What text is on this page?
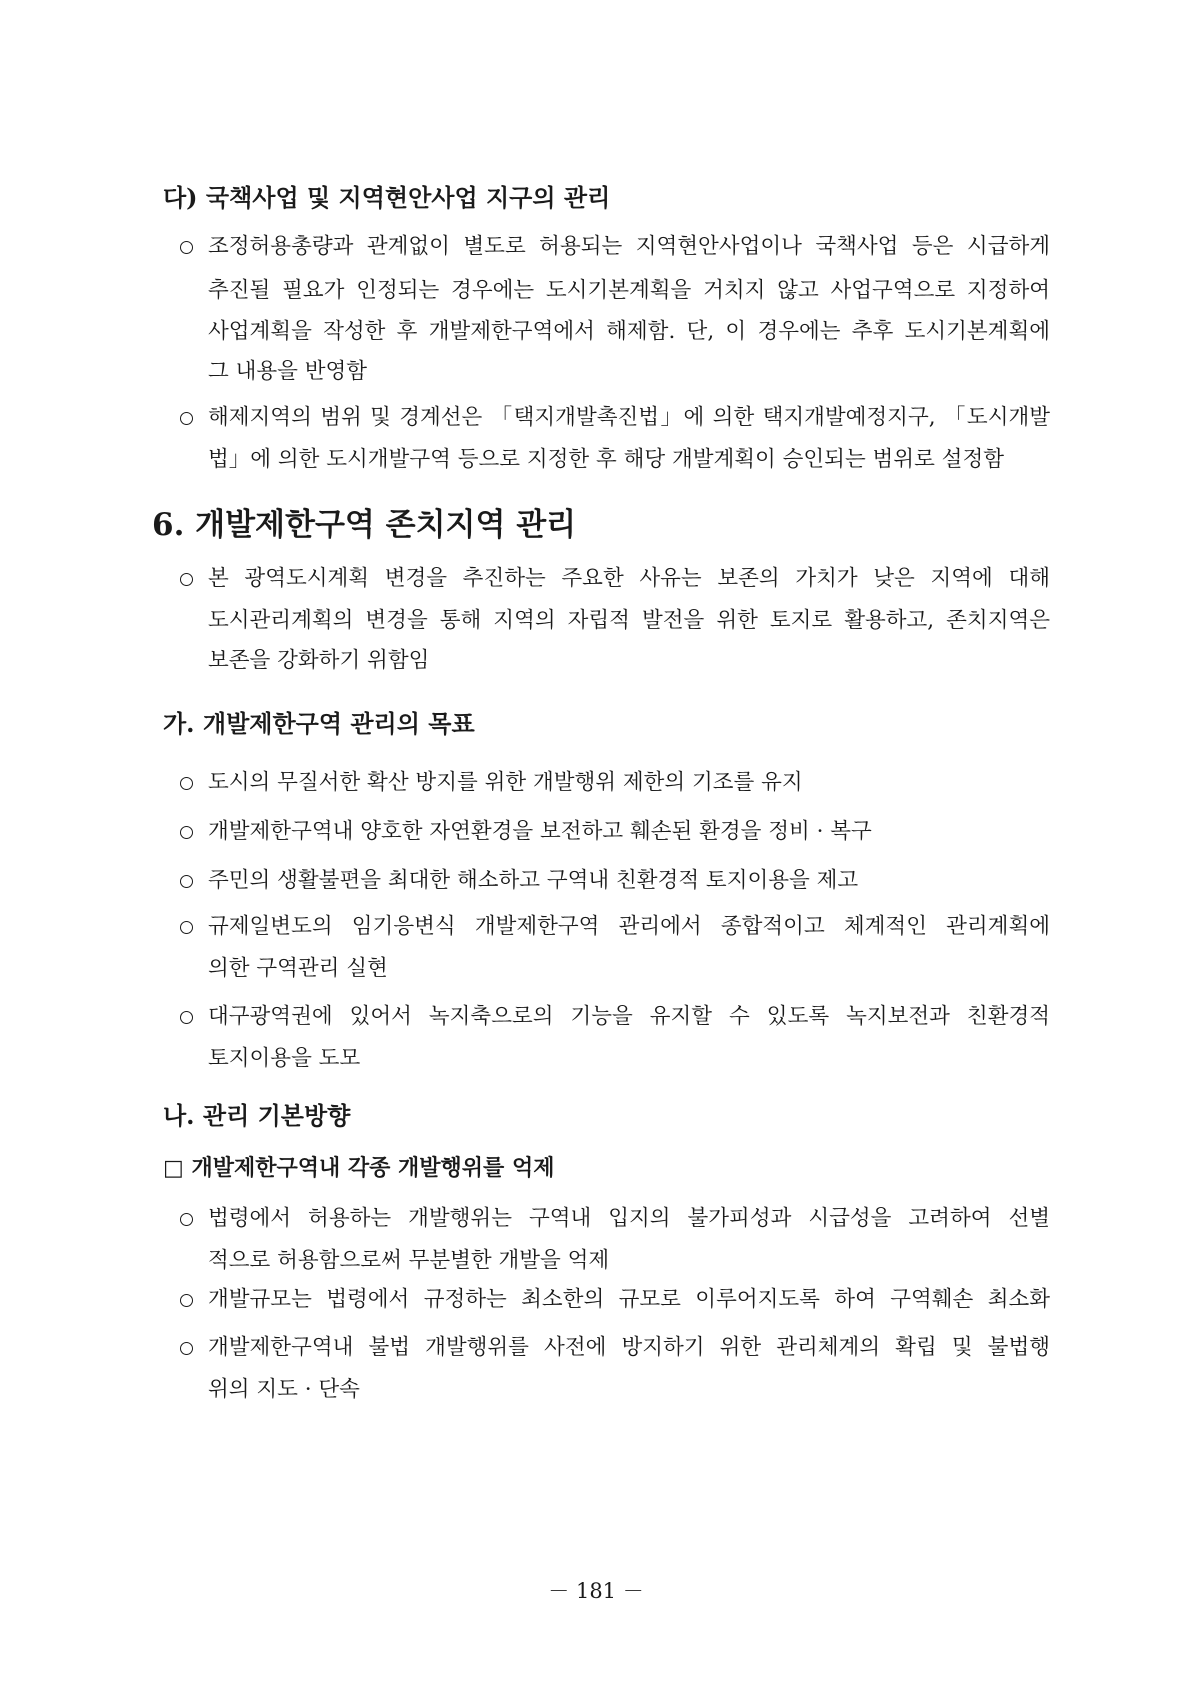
다) 국책사업 및 지역현안사업 지구의 관리
조정허용총량과 관계없이 별도로 허용되는 지역현안사업이나 국책사업 등은 시급하게
추진될 필요가 인정되는 경우에는 도시기본계획을 거치지 않고 사업구역으로 지정하여
사업계획을 작성한 후 개발제한구역에서 해제함. 단, 이 경우에는 추후 도시기본계획에
그 내용을 반영함
해제지역의 범위 및 경계선은 「택지개발촉진법」에 의한 택지개발예정지구, 「도시개발
법」에 의한 도시개발구역 등으로 지정한 후 해당 개발계획이 승인되는 범위로 설정함
6. 개발제한구역 존치지역 관리
본 광역도시계획 변경을 추진하는 주요한 사유는 보존의 가치가 낮은 지역에 대해
도시관리계획의 변경을 통해 지역의 자립적 발전을 위한 토지로 활용하고, 존치지역은
보존을 강화하기 위함임
가. 개발제한구역 관리의 목표
도시의 무질서한 확산 방지를 위한 개발행위 제한의 기조를 유지
개발제한구역내 양호한 자연환경을 보전하고 훼손된 환경을 정비 · 복구
주민의 생활불편을 최대한 해소하고 구역내 친환경적 토지이용을 제고
규제일변도의 임기응변식 개발제한구역 관리에서 종합적이고 체계적인 관리계획에
의한 구역관리 실현
대구광역권에 있어서 녹지축으로의 기능을 유지할 수 있도록 녹지보전과 친환경적
토지이용을 도모
나. 관리 기본방향
□ 개발제한구역내 각종 개발행위를 억제
법령에서 허용하는 개발행위는 구역내 입지의 불가피성과 시급성을 고려하여 선별
적으로 허용함으로써 무분별한 개발을 억제
개발규모는 법령에서 규정하는 최소한의 규모로 이루어지도록 하여 구역훼손 최소화
개발제한구역내 불법 개발행위를 사전에 방지하기 위한 관리체계의 확립 및 불법행
위의 지도 · 단속
－ 181 －
